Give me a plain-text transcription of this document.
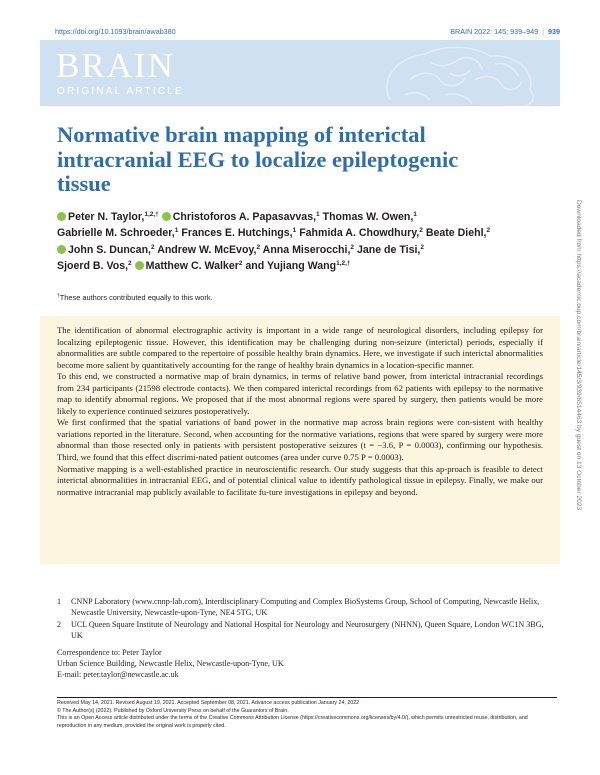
https://doi.org/10.1093/brain/awab380	BRAIN 2022: 145; 939–949 | 939
BRAIN
ORIGINAL ARTICLE
Normative brain mapping of interictal intracranial EEG to localize epileptogenic tissue
Peter N. Taylor,$^{1,2,\dagger}$ Christoforos A. Papasavvas,$^1$ Thomas W. Owen,$^1$
Gabrielle M. Schroeder,$^1$ Frances E. Hutchings,$^1$ Fahmida A. Chowdhury,$^2$ Beate Diehl,$^2$
John S. Duncan,$^2$ Andrew W. McEvoy,$^2$ Anna Miserocchi,$^2$ Jane de Tisi,$^2$
Sjoerd B. Vos,$^2$ Matthew C. Walker$^2$ and Yujiang Wang$^{1,2,\dagger}$
†These authors contributed equally to this work.

The identification of abnormal electrographic activity is important in a wide range of neurological disorders, including epilepsy for localizing epileptogenic tissue. However, this identification may be challenging during non-seizure (interictal) periods, especially if abnormalities are subtle compared to the repertoire of possible healthy brain dynamics. Here, we investigate if such interictal abnormalities become more salient by quantitatively accounting for the range of healthy brain dynamics in a location-specific manner.

To this end, we constructed a normative map of brain dynamics, in terms of relative band power, from interictal intracranial recordings from 234 participants (21598 electrode contacts). We then compared interictal recordings from 62 patients with epilepsy to the normative map to identify abnormal regions. We proposed that if the most abnormal regions were spared by surgery, then patients would be more likely to experience continued seizures postoperatively.

We first confirmed that the spatial variations of band power in the normative map across brain regions were con-sistent with healthy variations reported in the literature. Second, when accounting for the normative variations, regions that were spared by surgery were more abnormal than those resected only in patients with persistent postoperative seizures (t = −3.6, P = 0.0003), confirming our hypothesis. Third, we found that this effect discrimi-nated patient outcomes (area under curve 0.75 P = 0.0003).

Normative mapping is a well-established practice in neuroscientific research. Our study suggests that this ap-proach is feasible to detect interictal abnormalities in intracranial EEG, and of potential clinical value to identify pathological tissue in epilepsy. Finally, we make our normative intracranial map publicly available to facilitate fu-ture investigations in epilepsy and beyond.

1 CNNP Laboratory (www.cnnp-lab.com), Interdisciplinary Computing and Complex BioSystems Group, School of Computing, Newcastle Helix, Newcastle University, Newcastle-upon-Tyne, NE4 5TG, UK
2 UCL Queen Square Institute of Neurology and National Hospital for Neurology and Neurosurgery (NHNN), Queen Square, London WC1N 3BG, UK
Correspondence to: Peter Taylor
Urban Science Building, Newcastle Helix, Newcastle-upon-Tyne, UK
E-mail: peter.taylor@newcastle.ac.uk
Received May 14, 2021. Revised August 19, 2021. Accepted September 08, 2021. Advance access publication January 24, 2022
© The Author(s) (2022). Published by Oxford University Press on behalf of the Guarantors of Brain.
This is an Open Access article distributed under the terms of the Creative Commons Attribution License (https://creativecommons.org/licenses/by/4.0/), which permits unrestricted reuse, distribution, and reproduction in any medium, provided the original work is properly cited.
Downloaded from https://academic.oup.com/brain/article/145/3/939/6514463 by guest on 13 October 2023
